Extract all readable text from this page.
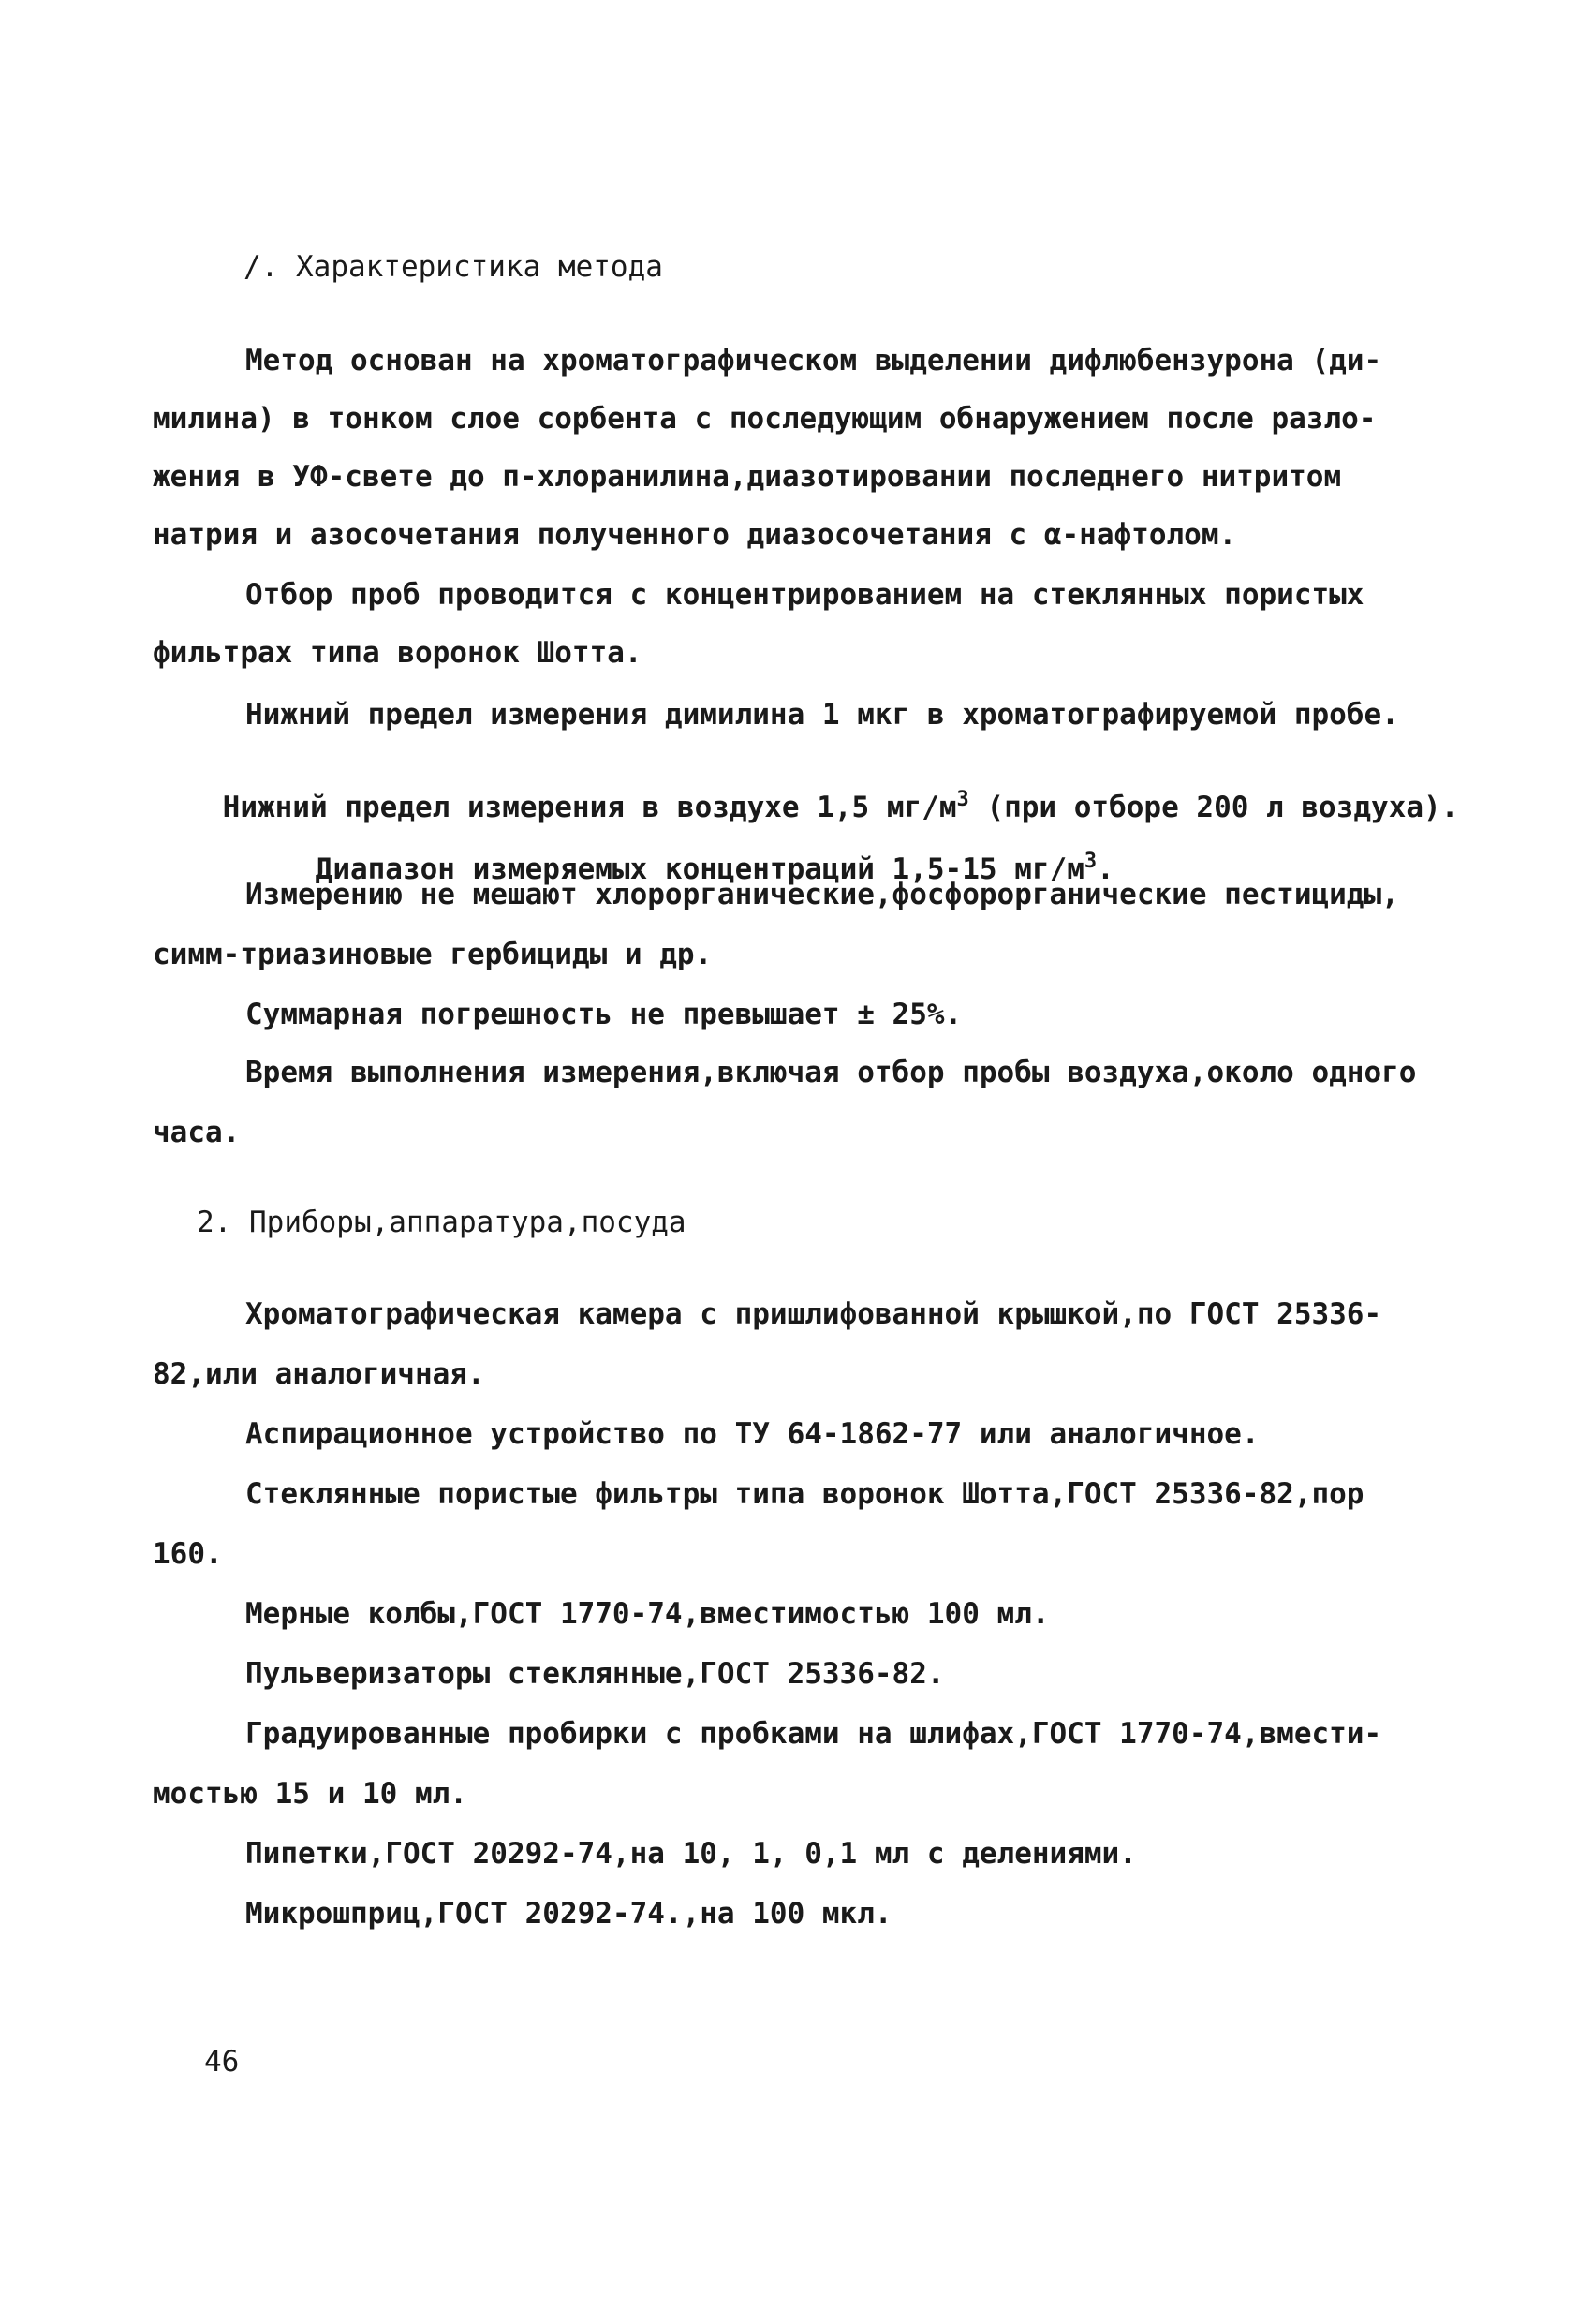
/. Характеристика метода
Метод основан на хроматографическом выделении дифлюбензурона (ди-
милина) в тонком слое сорбента с последующим обнаружением после разло-
жения в УФ-свете до п-хлоранилина,диазотировании последнего нитритом
натрия и азосочетания полученного диазосочетания с α-нафтолом.
Отбор проб проводится с концентрированием на стеклянных пористых
фильтрах типа воронок Шотта.
Нижний предел измерения димилина 1 мкг в хроматографируемой пробе.

Нижний предел измерения в воздухе 1,5 $мг/м^3$ (при отборе 200 л воздуха).

Диапазон измеряемых концентраций 1,5-15 $мг/м^3$.

Измерению не мешают хлорорганические,фосфорорганические пестициды,
симм-триазиновые гербициды и др.
Суммарная погрешность не превышает ± 25%.
Время выполнения измерения,включая отбор пробы воздуха,около одного
часа.
2. Приборы,аппаратура,посуда
Хроматографическая камера с пришлифованной крышкой,по ГОСТ 25336-
82,или аналогичная.
Аспирационное устройство по ТУ 64-1862-77 или аналогичное.
Стеклянные пористые фильтры типа воронок Шотта,ГОСТ 25336-82,пор
160.
Мерные колбы,ГОСТ 1770-74,вместимостью 100 мл.
Пульверизаторы стеклянные,ГОСТ 25336-82.
Градуированные пробирки с пробками на шлифах,ГОСТ 1770-74,вмести-
мостью 15 и 10 мл.
Пипетки,ГОСТ 20292-74,на 10, 1, 0,1 мл с делениями.
Микрошприц,ГОСТ 20292-74.,на 100 мкл.
46
